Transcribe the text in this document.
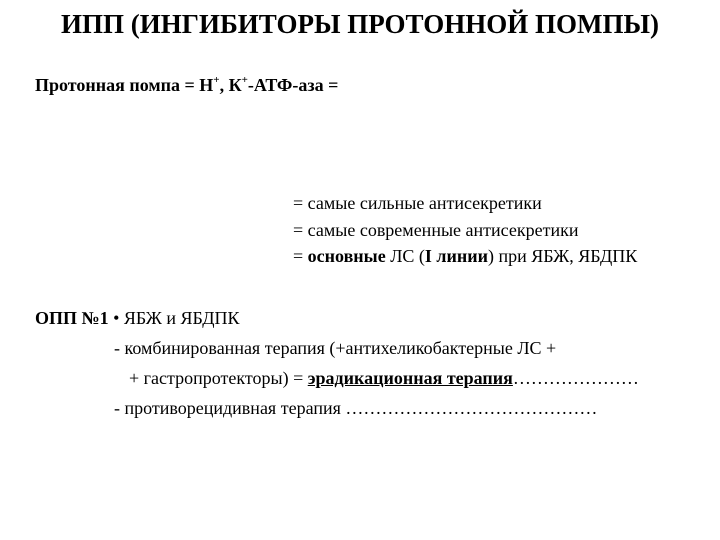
ИПП (ИНГИБИТОРЫ ПРОТОННОЙ ПОМПЫ)
Протонная помпа = Н+, К+-АТФ-аза =
= самые сильные антисекретики
= самые современные антисекретики
= основные ЛС (I линии) при ЯБЖ, ЯБДПК
ОПП №1 • ЯБЖ и ЯБДПК
- комбинированная терапия (+антихеликобактерные ЛС +
+ гастропротекторы) = эрадикационная терапия…………………
- противорецидивная терапия ……………………………………
